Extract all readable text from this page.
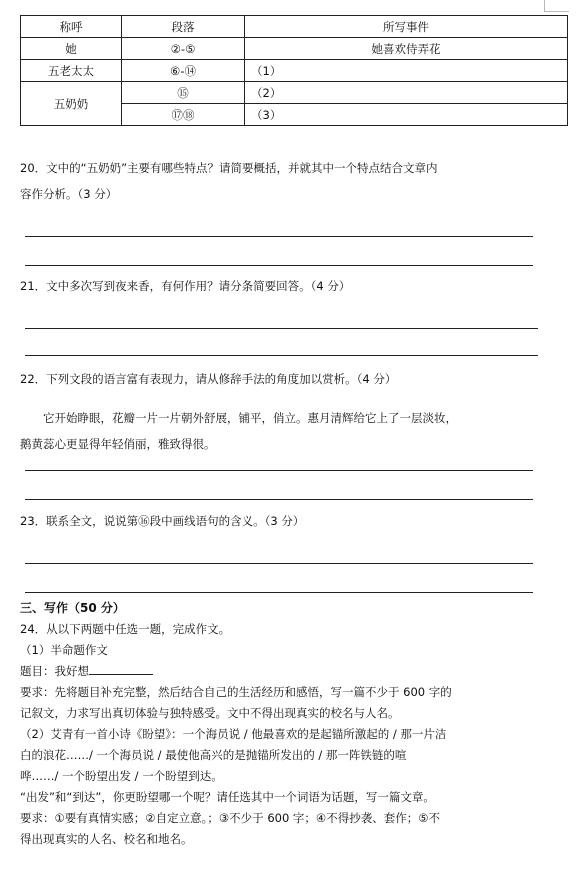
称呼	段落	所写事件
她	②-⑤	她喜欢侍弄花
五老太太	⑥-⑭	（1）
五奶奶	⑮	（2）
	⑰⑱	（3）

20．文中的“五奶奶”主要有哪些特点？请简要概括，并就其中一个特点结合文章内
容作分析。（3 分）

21．文中多次写到夜来香，有何作用？请分条简要回答。（4 分）

22．下列文段的语言富有表现力，请从修辞手法的角度加以赏析。（4 分）

它开始睁眼，花瓣一片一片朝外舒展，铺平，俏立。惠月清辉给它上了一层淡妆，
鹅黄蕊心更显得年轻俏丽，雅致得很。

23．联系全文，说说第⑯段中画线语句的含义。（3 分）

三、写作（50 分）
24．从以下两题中任选一题，完成作文。
（1）半命题作文
题目：我好想
要求：先将题目补充完整，然后结合自己的生活经历和感悟，写一篇不少于 600 字的
记叙文，力求写出真切体验与独特感受。文中不得出现真实的校名与人名。
（2）艾青有一首小诗《盼望》：一个海员说 / 他最喜欢的是起锚所激起的 / 那一片洁
白的浪花……/ 一个海员说 / 最使他高兴的是抛锚所发出的 / 那一阵铁链的喧
哗……/ 一个盼望出发 / 一个盼望到达。
“出发”和“到达”，你更盼望哪一个呢？请任选其中一个词语为话题，写一篇文章。
要求：①要有真情实感；②自定立意。；③不少于 600 字；④不得抄袭、套作；⑤不
得出现真实的人名、校名和地名。
